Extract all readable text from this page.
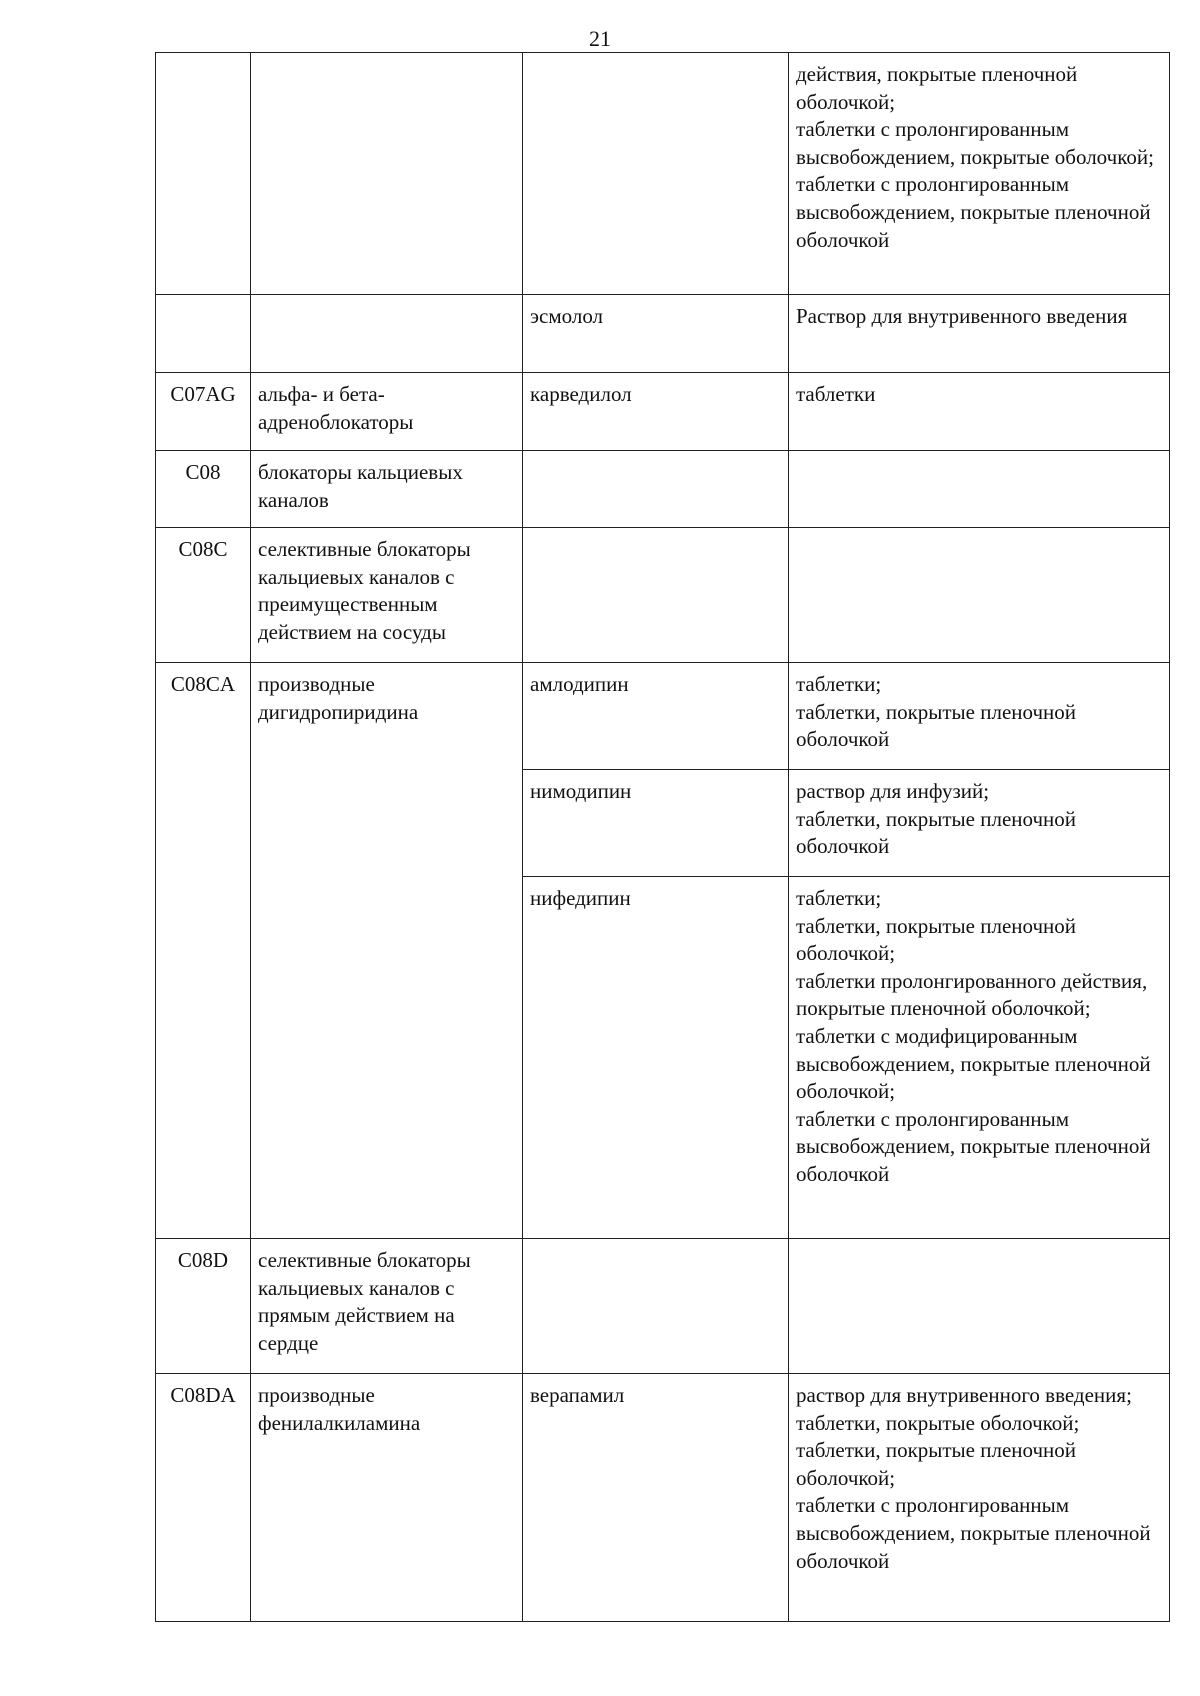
21
			действия, покрытые пленочной оболочкой;
таблетки с пролонгированным высвобождением, покрытые оболочкой;
таблетки с пролонгированным высвобождением, покрытые пленочной оболочкой
		эсмолол	Раствор для внутривенного введения
C07AG	альфа- и бета-адреноблокаторы	карведилол	таблетки
C08	блокаторы кальциевых каналов		
C08C	селективные блокаторы кальциевых каналов с преимущественным действием на сосуды		
C08CA	производные дигидропиридина	амлодипин	таблетки;
таблетки, покрытые пленочной оболочкой
		нимодипин	раствор для инфузий;
таблетки, покрытые пленочной оболочкой
		нифедипин	таблетки;
таблетки, покрытые пленочной оболочкой;
таблетки пролонгированного действия, покрытые пленочной оболочкой;
таблетки с модифицированным высвобождением, покрытые пленочной оболочкой;
таблетки с пролонгированным высвобождением, покрытые пленочной оболочкой
C08D	селективные блокаторы кальциевых каналов с прямым действием на сердце		
C08DA	производные фенилалкиламина	верапамил	раствор для внутривенного введения;
таблетки, покрытые оболочкой;
таблетки, покрытые пленочной оболочкой;
таблетки с пролонгированным высвобождением, покрытые пленочной оболочкой
